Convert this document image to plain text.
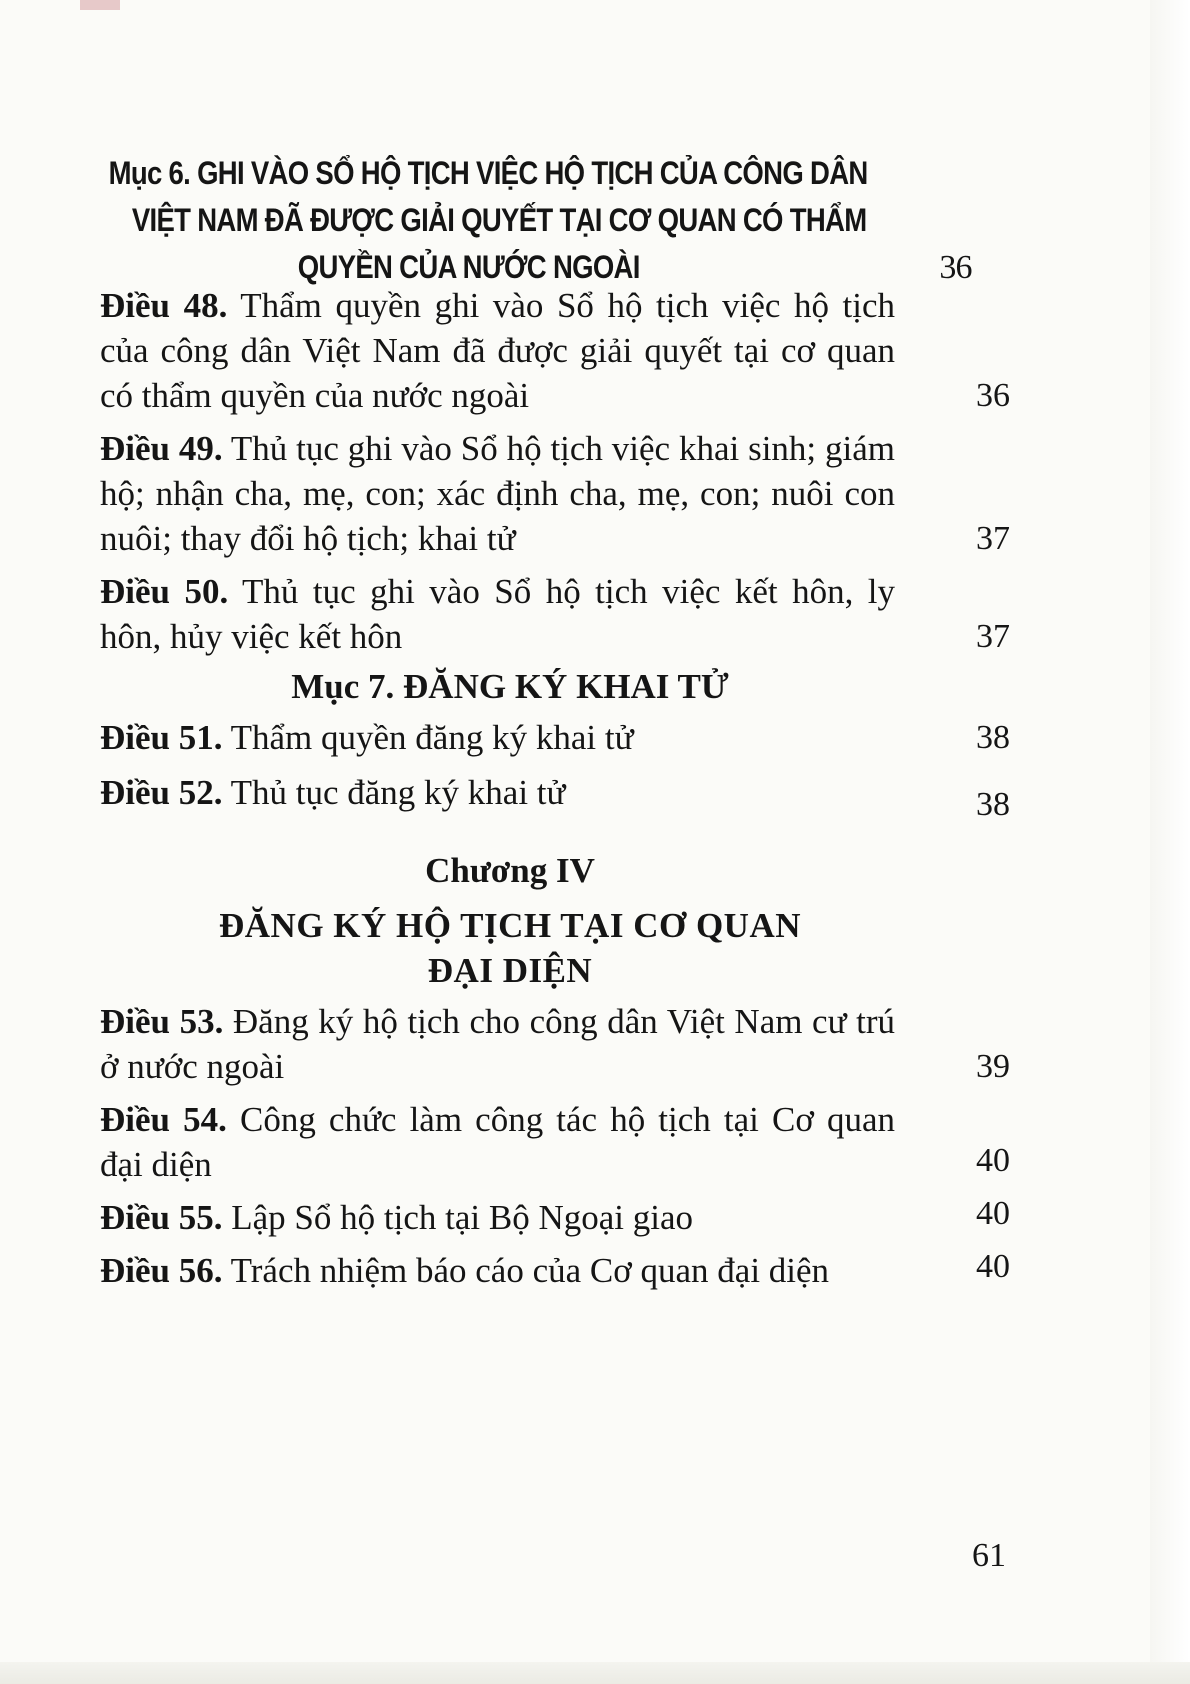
Mục 6. GHI VÀO SỔ HỘ TỊCH VIỆC HỘ TỊCH CỦA CÔNG DÂN
VIỆT NAM ĐÃ ĐƯỢC GIẢI QUYẾT TẠI CƠ QUAN CÓ THẨM
QUYỀN CỦA NƯỚC NGOÀI	36
Điều 48. Thẩm quyền ghi vào Sổ hộ tịch việc hộ tịch của công dân Việt Nam đã được giải quyết tại cơ quan có thẩm quyền của nước ngoài	36
Điều 49. Thủ tục ghi vào Sổ hộ tịch việc khai sinh; giám hộ; nhận cha, mẹ, con; xác định cha, mẹ, con; nuôi con nuôi; thay đổi hộ tịch; khai tử	37
Điều 50. Thủ tục ghi vào Sổ hộ tịch việc kết hôn, ly hôn, hủy việc kết hôn	37
Mục 7. ĐĂNG KÝ KHAI TỬ
Điều 51. Thẩm quyền đăng ký khai tử	38
Điều 52. Thủ tục đăng ký khai tử	38
Chương IV
ĐĂNG KÝ HỘ TỊCH TẠI CƠ QUAN
ĐẠI DIỆN
Điều 53. Đăng ký hộ tịch cho công dân Việt Nam cư trú ở nước ngoài	39
Điều 54. Công chức làm công tác hộ tịch tại Cơ quan đại diện	40
Điều 55. Lập Sổ hộ tịch tại Bộ Ngoại giao	40
Điều 56. Trách nhiệm báo cáo của Cơ quan đại diện	40
61
